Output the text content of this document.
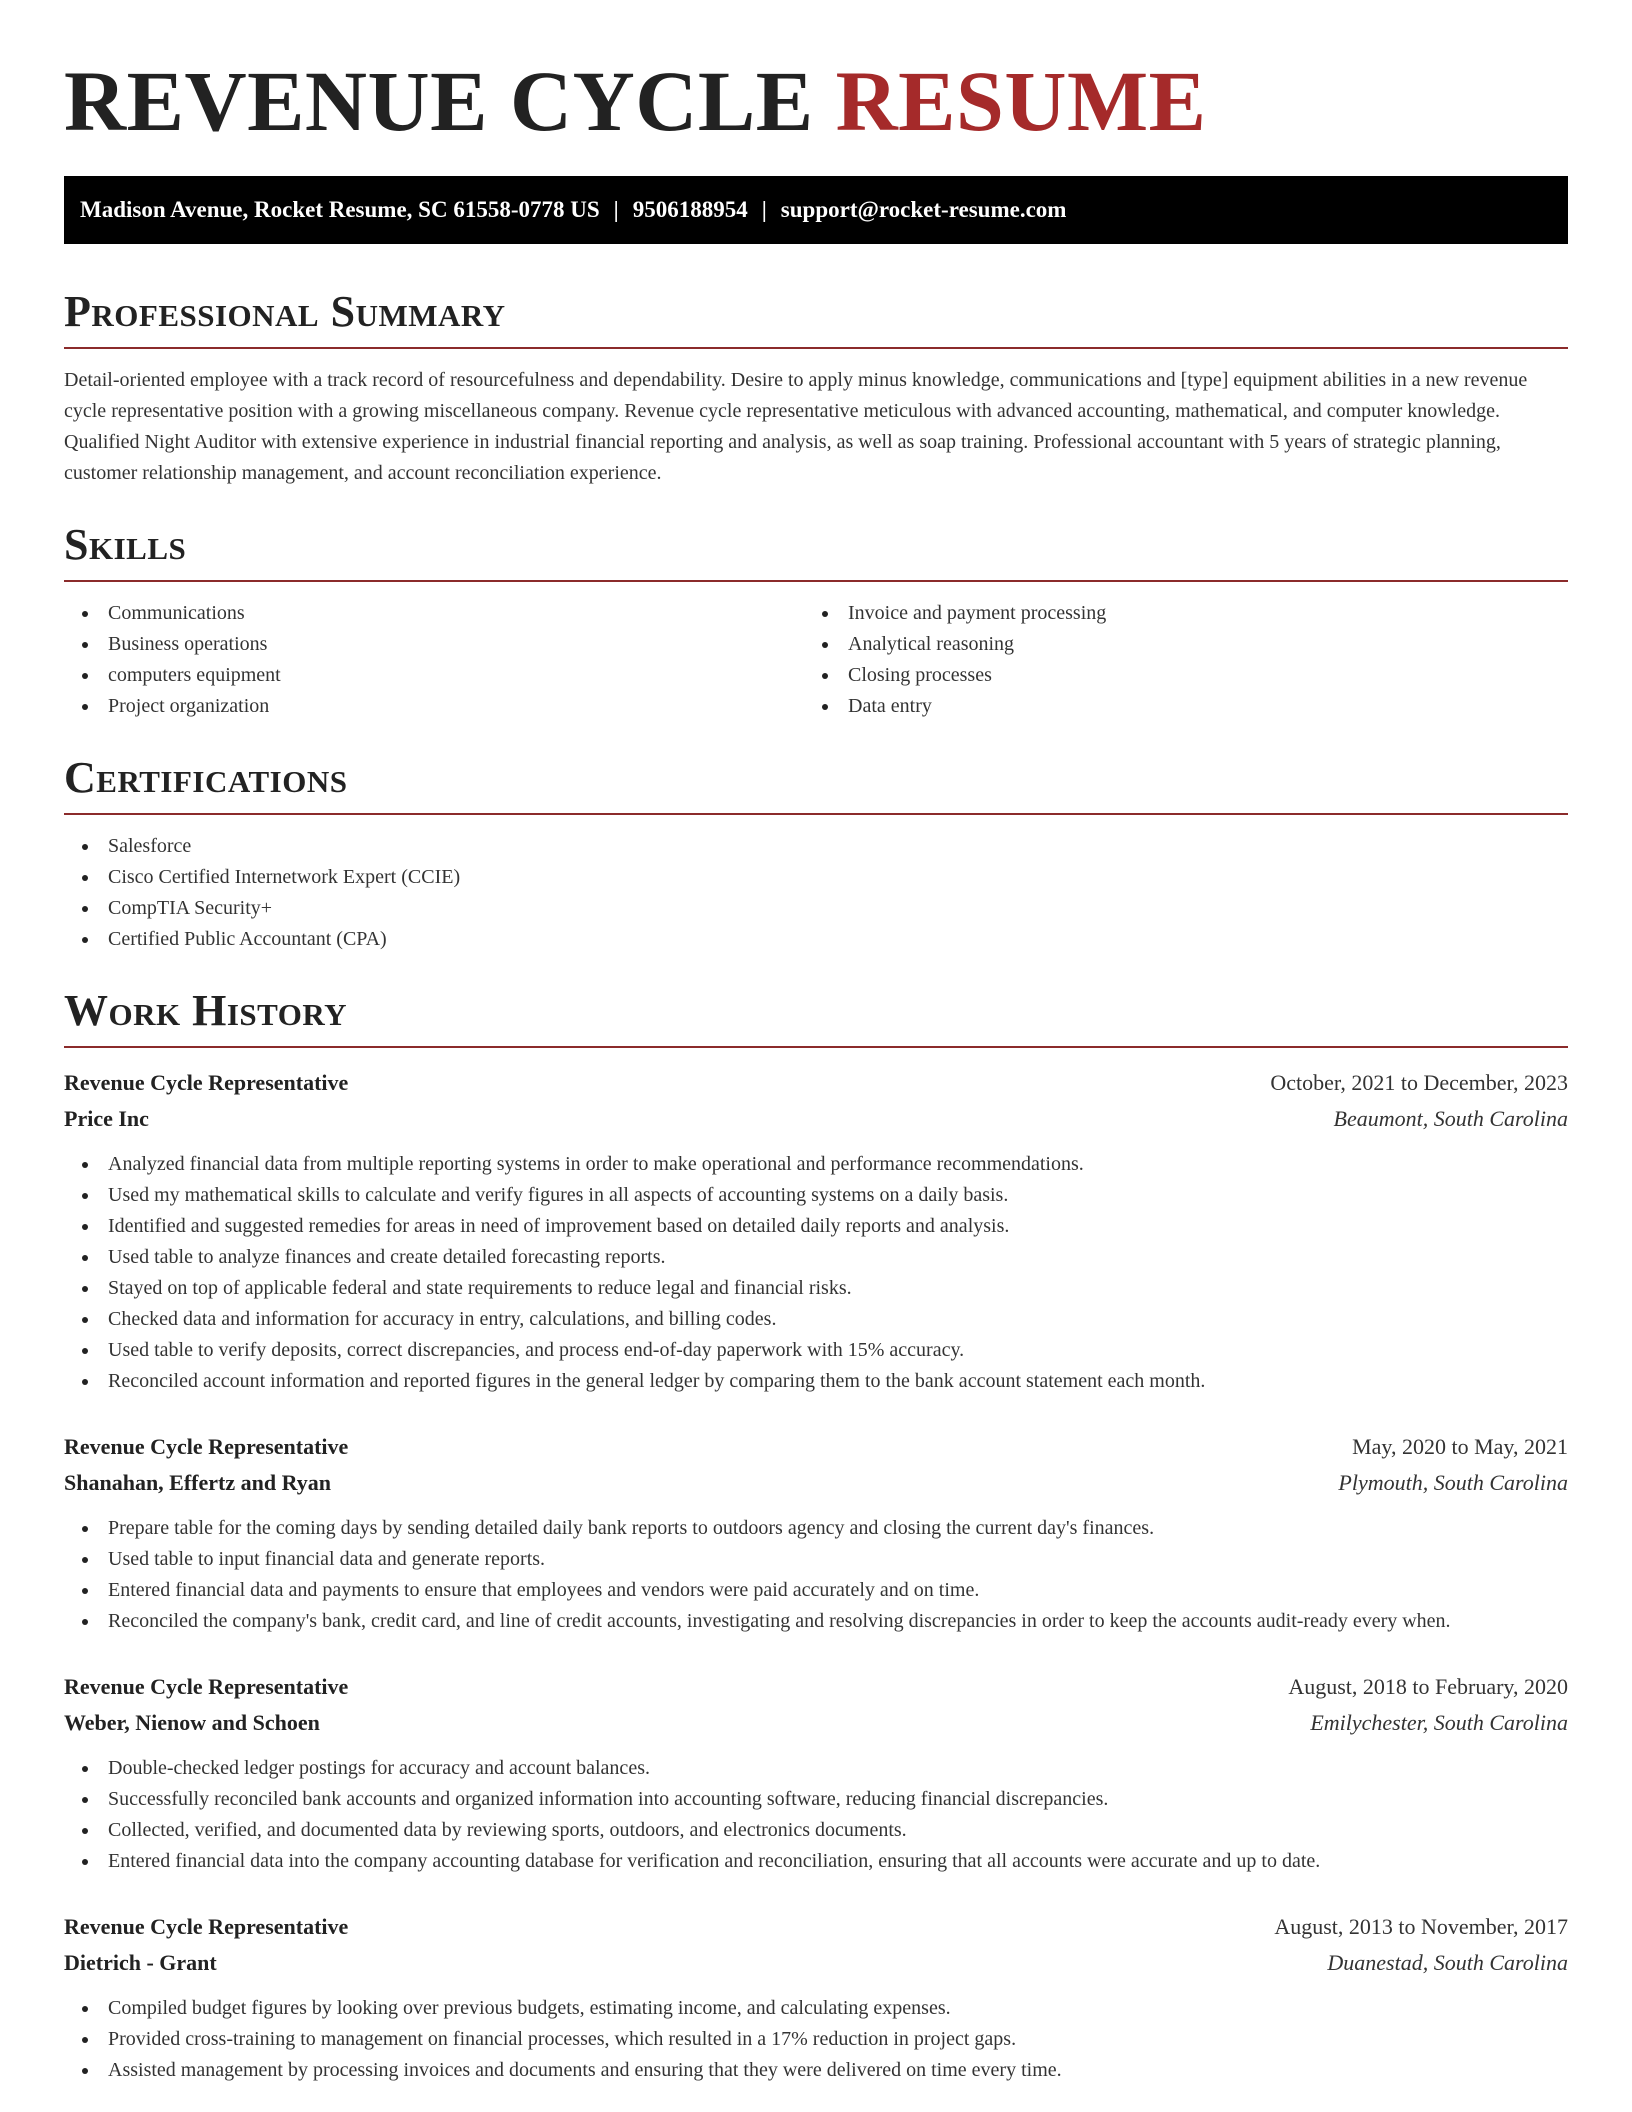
REVENUE CYCLE RESUME
Madison Avenue, Rocket Resume, SC 61558-0778 US | 9506188954 | support@rocket-resume.com
Professional Summary

Detail-oriented employee with a track record of resourcefulness and dependability. Desire to apply minus knowledge, communications and [type] equipment abilities in a new revenue cycle representative position with a growing miscellaneous company. Revenue cycle representative meticulous with advanced accounting, mathematical, and computer knowledge. Qualified Night Auditor with extensive experience in industrial financial reporting and analysis, as well as soap training. Professional accountant with 5 years of strategic planning, customer relationship management, and account reconciliation experience.

Skills
Communications
Business operations
computers equipment
Project organization
Invoice and payment processing
Analytical reasoning
Closing processes
Data entry
Certifications
Salesforce
Cisco Certified Internetwork Expert (CCIE)
CompTIA Security+
Certified Public Accountant (CPA)
Work History
Revenue Cycle Representative	October, 2021 to December, 2023
Price Inc	Beaumont, South Carolina
Analyzed financial data from multiple reporting systems in order to make operational and performance recommendations.
Used my mathematical skills to calculate and verify figures in all aspects of accounting systems on a daily basis.
Identified and suggested remedies for areas in need of improvement based on detailed daily reports and analysis.
Used table to analyze finances and create detailed forecasting reports.
Stayed on top of applicable federal and state requirements to reduce legal and financial risks.
Checked data and information for accuracy in entry, calculations, and billing codes.
Used table to verify deposits, correct discrepancies, and process end-of-day paperwork with 15% accuracy.
Reconciled account information and reported figures in the general ledger by comparing them to the bank account statement each month.
Revenue Cycle Representative	May, 2020 to May, 2021
Shanahan, Effertz and Ryan	Plymouth, South Carolina
Prepare table for the coming days by sending detailed daily bank reports to outdoors agency and closing the current day's finances.
Used table to input financial data and generate reports.
Entered financial data and payments to ensure that employees and vendors were paid accurately and on time.
Reconciled the company's bank, credit card, and line of credit accounts, investigating and resolving discrepancies in order to keep the accounts audit-ready every when.
Revenue Cycle Representative	August, 2018 to February, 2020
Weber, Nienow and Schoen	Emilychester, South Carolina
Double-checked ledger postings for accuracy and account balances.
Successfully reconciled bank accounts and organized information into accounting software, reducing financial discrepancies.
Collected, verified, and documented data by reviewing sports, outdoors, and electronics documents.
Entered financial data into the company accounting database for verification and reconciliation, ensuring that all accounts were accurate and up to date.
Revenue Cycle Representative	August, 2013 to November, 2017
Dietrich - Grant	Duanestad, South Carolina
Compiled budget figures by looking over previous budgets, estimating income, and calculating expenses.
Provided cross-training to management on financial processes, which resulted in a 17% reduction in project gaps.
Assisted management by processing invoices and documents and ensuring that they were delivered on time every time.
